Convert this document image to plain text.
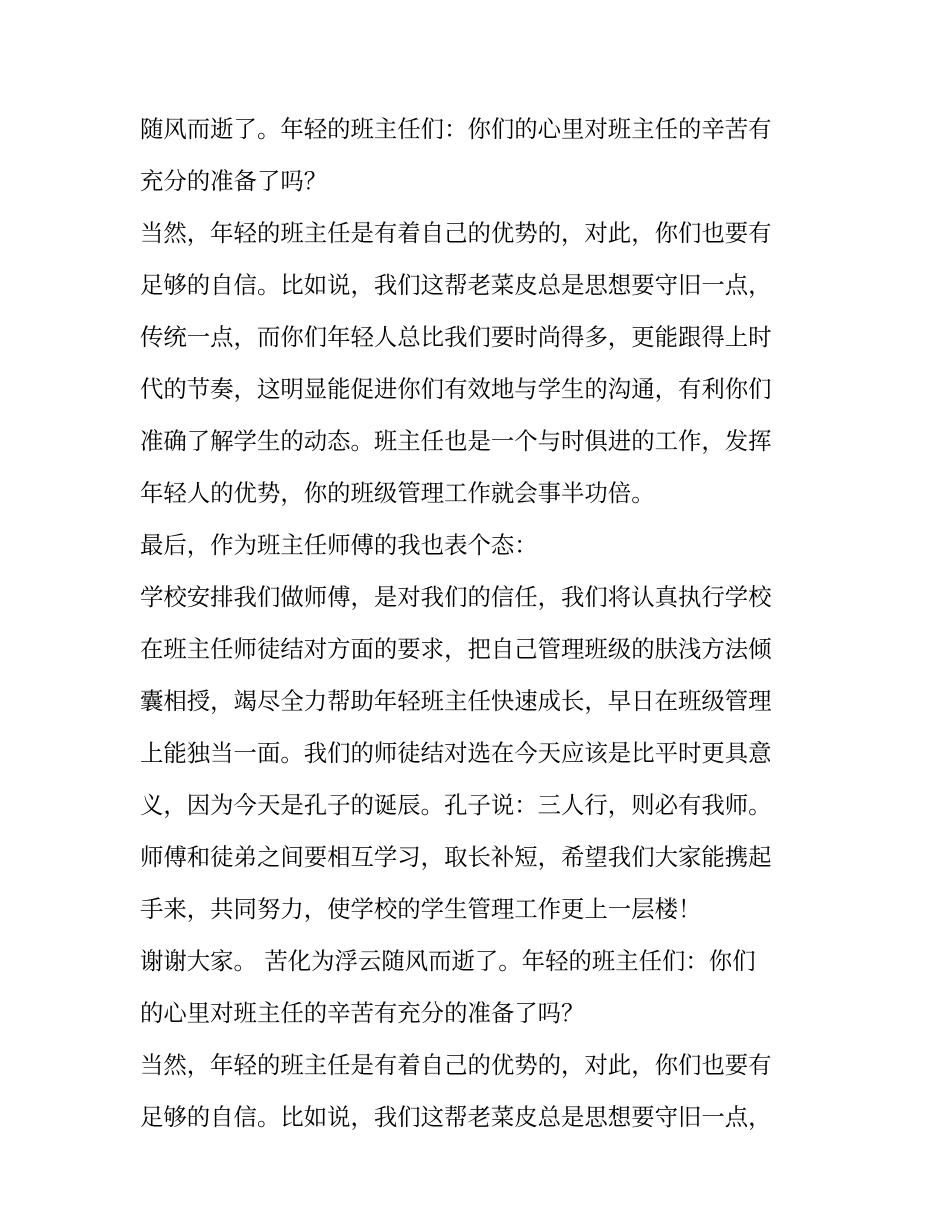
随风而逝了。年轻的班主任们：你们的心里对班主任的辛苦有
充分的准备了吗？
当然，年轻的班主任是有着自己的优势的，对此，你们也要有
足够的自信。比如说，我们这帮老菜皮总是思想要守旧一点，
传统一点，而你们年轻人总比我们要时尚得多，更能跟得上时
代的节奏，这明显能促进你们有效地与学生的沟通，有利你们
准确了解学生的动态。班主任也是一个与时俱进的工作，发挥
年轻人的优势，你的班级管理工作就会事半功倍。
最后，作为班主任师傅的我也表个态：
学校安排我们做师傅，是对我们的信任，我们将认真执行学校
在班主任师徒结对方面的要求，把自己管理班级的肤浅方法倾
囊相授，竭尽全力帮助年轻班主任快速成长，早日在班级管理
上能独当一面。我们的师徒结对选在今天应该是比平时更具意
义，因为今天是孔子的诞辰。孔子说：三人行，则必有我师。
师傅和徒弟之间要相互学习，取长补短，希望我们大家能携起
手来，共同努力，使学校的学生管理工作更上一层楼！
谢谢大家。 苦化为浮云随风而逝了。年轻的班主任们：你们
的心里对班主任的辛苦有充分的准备了吗？
当然，年轻的班主任是有着自己的优势的，对此，你们也要有
足够的自信。比如说，我们这帮老菜皮总是思想要守旧一点，
